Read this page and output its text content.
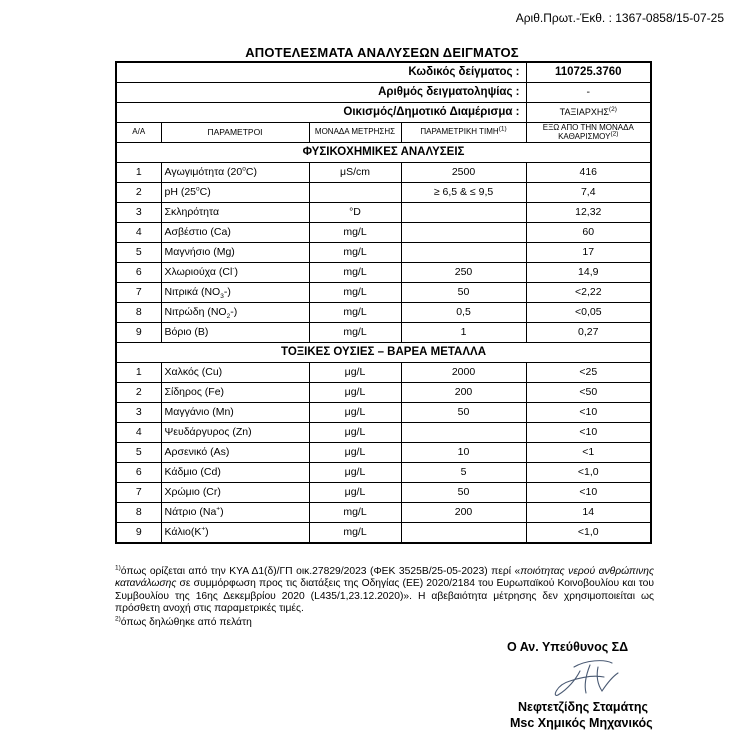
Αριθ.Πρωτ.-Έκθ. : 1367-0858/15-07-25
ΑΠΟΤΕΛΕΣΜΑΤΑ ΑΝΑΛΥΣΕΩΝ ΔΕΙΓΜΑΤΟΣ
Κωδικός δείγματος :				110725.3760
Αριθμός δειγματοληψίας :				-
Οικισμός/Δημοτικό Διαμέρισμα :				ΤΑΞΙΑΡΧΗΣ$^{(2)}$
Α/Α	ΠΑΡΑΜΕΤΡΟΙ	ΜΟΝΑΔΑ ΜΕΤΡΗΣΗΣ	ΠΑΡΑΜΕΤΡΙΚΗ ΤΙΜΗ$^{(1)}$	ΕΞΩ ΑΠΟ ΤΗΝ ΜΟΝΑΔΑ ΚΑΘΑΡΙΣΜΟΥ$^{(2)}$
ΦΥΣΙΚΟΧΗΜΙΚΕΣ ΑΝΑΛΥΣΕΙΣ				
1	Αγωγιμότητα $(20^oC)$	μS/cm	2500	416
2	pH (25$^o$C)		≥ 6,5 & ≤ 9,5	7,4
3	Σκληρότητα	°D		12,32
4	Ασβέστιο (Ca)	mg/L		60
5	Μαγνήσιο (Mg)	mg/L		17
6	Χλωριούχα (Cl-)	mg/L	250	14,9
7	Νιτρικά $(NO_3-)$	mg/L	50	<2,22
8	Νιτρώδη $(NO_2-)$	mg/L	0,5	<0,05
9	Βόριο (B)	mg/L	1	0,27
ΤΟΞΙΚΕΣ ΟΥΣΙΕΣ – ΒΑΡΕΑ ΜΕΤΑΛΛΑ				
1	Χαλκός (Cu)	μg/L	2000	<25
2	Σίδηρος (Fe)	μg/L	200	<50
3	Μαγγάνιο (Mn)	μg/L	50	<10
4	Ψευδάργυρος (Zn)	μg/L		<10
5	Αρσενικό (As)	μg/L	10	<1
6	Κάδμιο (Cd)	μg/L	5	<1,0
7	Χρώμιο (Cr)	μg/L	50	<10
8	Νάτριο (Na+)	mg/L	200	14
9	Κάλιο(K+)	mg/L		<1,0
$^{1)}$όπως ορίζεται από την ΚΥΑ Δ1(δ)/ΓΠ οικ.27829/2023 (ΦΕΚ 3525Β/25-05-2023) περί «ποιότητας νερού ανθρώπινης κατανάλωσης σε συμμόρφωση προς τις διατάξεις της Οδηγίας (ΕΕ) 2020/2184 του Ευρωπαϊκού Κοινοβουλίου και του Συμβουλίου της 16ης Δεκεμβρίου 2020 (L435/1,23.12.2020)». Η αβεβαιότητα μέτρησης δεν χρησιμοποιείται ως πρόσθετη ανοχή στις παραμετρικές τιμές.
$^{2)}$όπως δηλώθηκε από πελάτη
Ο Αν. Υπεύθυνος ΣΔ
Νεφτετζίδης Σταμάτης
Msc Χημικός Μηχανικός
